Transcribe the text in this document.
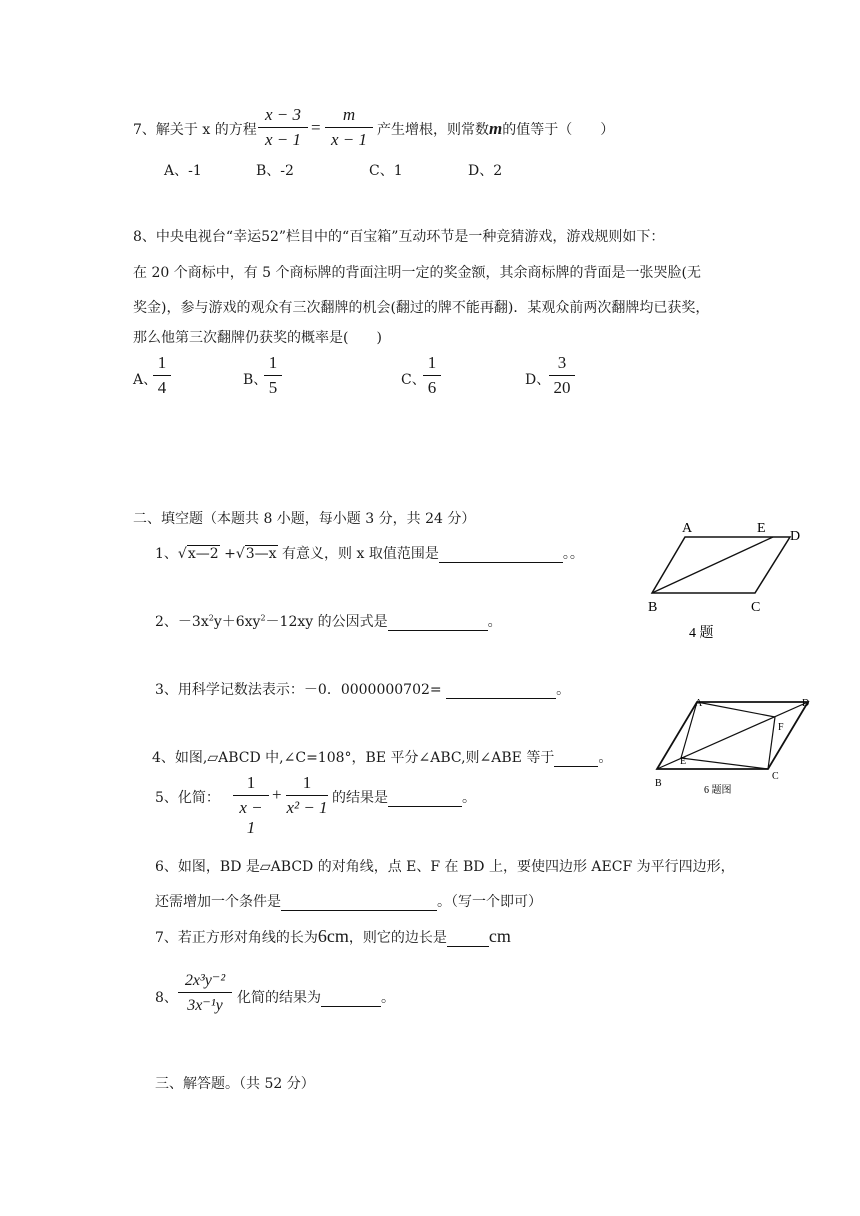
7、解关于 x 的方程 $\frac{x - 3}{x - 1} = \frac{m}{x - 1}$ 产生增根，则常数m的值等于（　　）
A、-1	B、-2	C、1	D、2
8、中央电视台“幸运52”栏目中的“百宝箱”互动环节是一种竞猜游戏，游戏规则如下：
在 20 个商标中，有 5 个商标牌的背面注明一定的奖金额，其余商标牌的背面是一张哭脸(无
奖金)，参与游戏的观众有三次翻牌的机会(翻过的牌不能再翻)．某观众前两次翻牌均已获奖，
那么他第三次翻牌仍获奖的概率是(　　)
A、
$\frac{1}{4}$	B、
$\frac{1}{5}$	C、
$\frac{1}{6}$	D、
$\frac{3}{20}$
二、填空题（本题共 8 小题，每小题 3 分，共 24 分）
1、√x—2 +√3—x 有意义，则 x 取值范围是	。。
2、$-3x^2y+6xy^2-12xy$ 的公因式是	。
3、用科学记数法表示：－0．0000000702=	。
4、如图,▱ABCD 中,∠C=108°，BE 平分∠ABC,则∠ABE 等于	。
5、化简： $\frac{1}{x - 1} + \frac{1}{\text{x² − 1}}$ 的结果是	。
6、如图，BD 是▱ABCD 的对角线，点 E、F 在 BD 上，要使四边形 AECF 为平行四边形，
还需增加一个条件是	。（写一个即可）
7、若正方形对角线的长为6cm，则它的边长是 cm
8、 $\frac{\text{2x³y⁻²}}{\text{3x⁻¹y}}$ 化简的结果为	。
A	E
D
B	C
4 题
A	D
F
E
B
C
6 题图
三、解答题。（共 52 分）
